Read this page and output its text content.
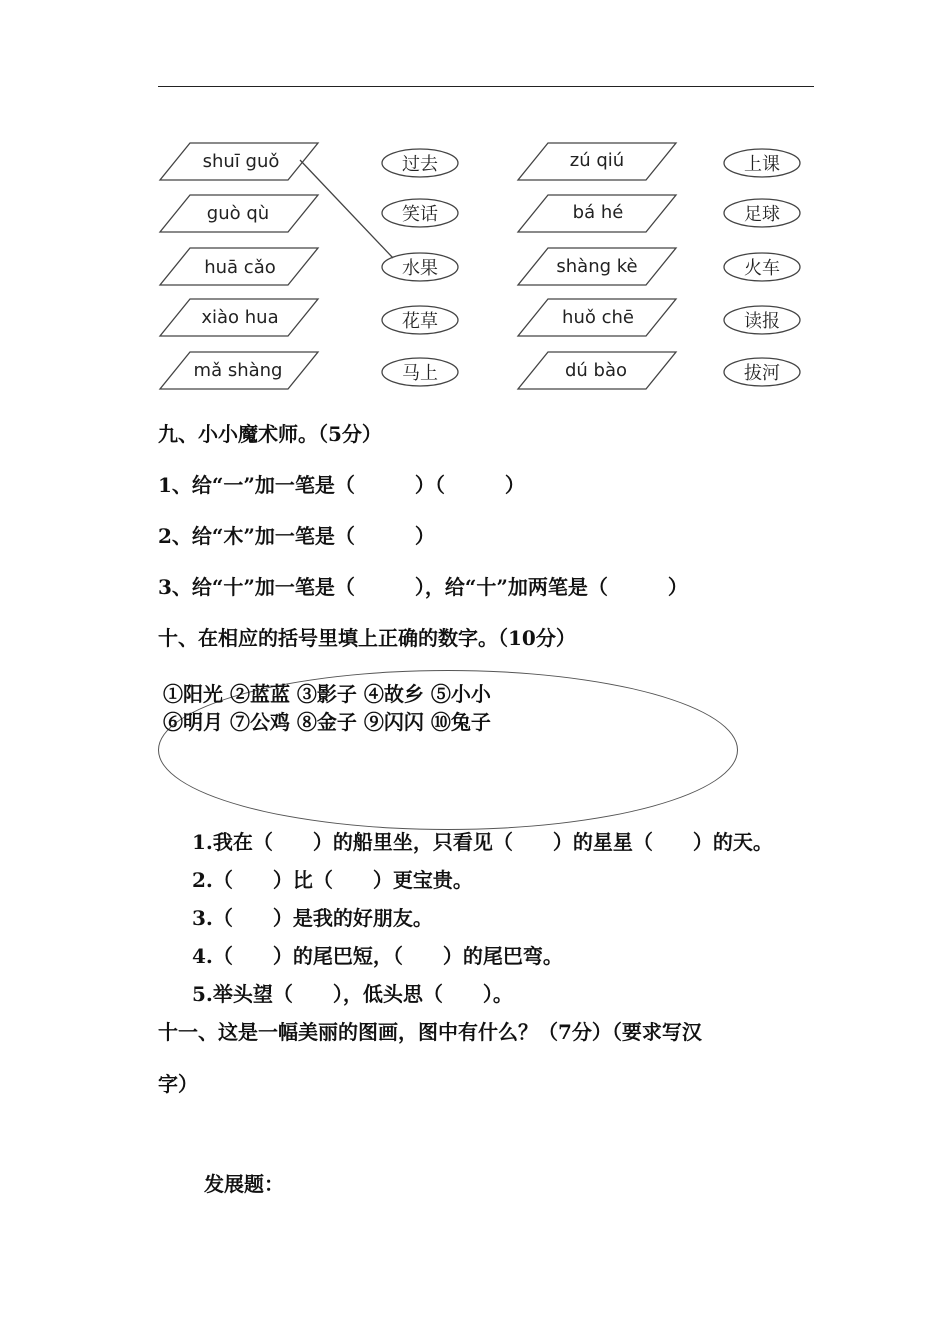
shuī guǒ
guò qù
huā cǎo
xiào hua
mǎ shàng
过去
笑话
水果
花草
马上
zú qiú
bá hé
shàng kè
huǒ chē
dú bào
上课
足球
火车
读报
拔河
九、小小魔术师。（5分）
1、给“一”加一笔是（　　　）（　　　）
2、给“木”加一笔是（　　　）
3、给“十”加一笔是（　　　），给“十”加两笔是（　　　）
十、在相应的括号里填上正确的数字。（10分）
①阳光 ②蓝蓝 ③影子 ④故乡 ⑤小小
⑥明月 ⑦公鸡 ⑧金子 ⑨闪闪 ⑩兔子
1.我在（　　）的船里坐，只看见（　　）的星星（　　）的天。
2.（　　）比（　　）更宝贵。
3.（　　）是我的好朋友。
4.（　　）的尾巴短，（　　）的尾巴弯。
5.举头望（　　），低头思（　　）。
十一、这是一幅美丽的图画，图中有什么？（7分）（要求写汉
字）
发展题：
